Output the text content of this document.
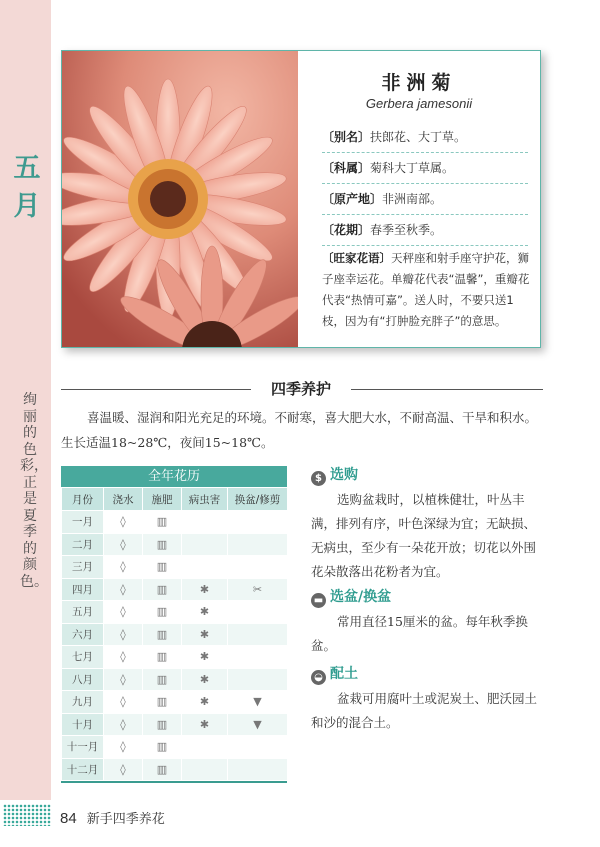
五月
绚丽的色彩，正是夏季的颜色。
非洲菊
Gerbera jamesonii
〔别名〕扶郎花、大丁草。
〔科属〕菊科大丁草属。
〔原产地〕非洲南部。
〔花期〕春季至秋季。
〔旺家花语〕天秤座和射手座守护花，狮子座幸运花。单瓣花代表“温馨”，重瓣花代表“热情可嘉”。送人时，不要只送1枝，因为有“打肿脸充胖子”的意思。
四季养护
喜温暖、湿润和阳光充足的环境。不耐寒，喜大肥大水，不耐高温、干旱和积水。生长适温18~28℃，夜间15~18℃。
全年花历
月份	浇水	施肥	病虫害	换盆/修剪
一月	◊	▥		
二月	◊	▥		
三月	◊	▥		
四月	◊	▥	✱	✂
五月	◊	▥	✱	
六月	◊	▥	✱	
七月	◊	▥	✱	
八月	◊	▥	✱	
九月	◊	▥	✱	▼
十月	◊	▥	✱	▼
十一月	◊	▥		
十二月	◊	▥		
$ 选购
选购盆栽时，以植株健壮，叶丛丰满，排列有序，叶色深绿为宜；无缺损、无病虫，至少有一朵花开放；切花以外围花朵散落出花粉者为宜。
▬ 选盆/换盆
常用直径15厘米的盆。每年秋季换盆。
◒ 配土
盆栽可用腐叶土或泥炭土、肥沃园土和沙的混合土。
84 新手四季养花
